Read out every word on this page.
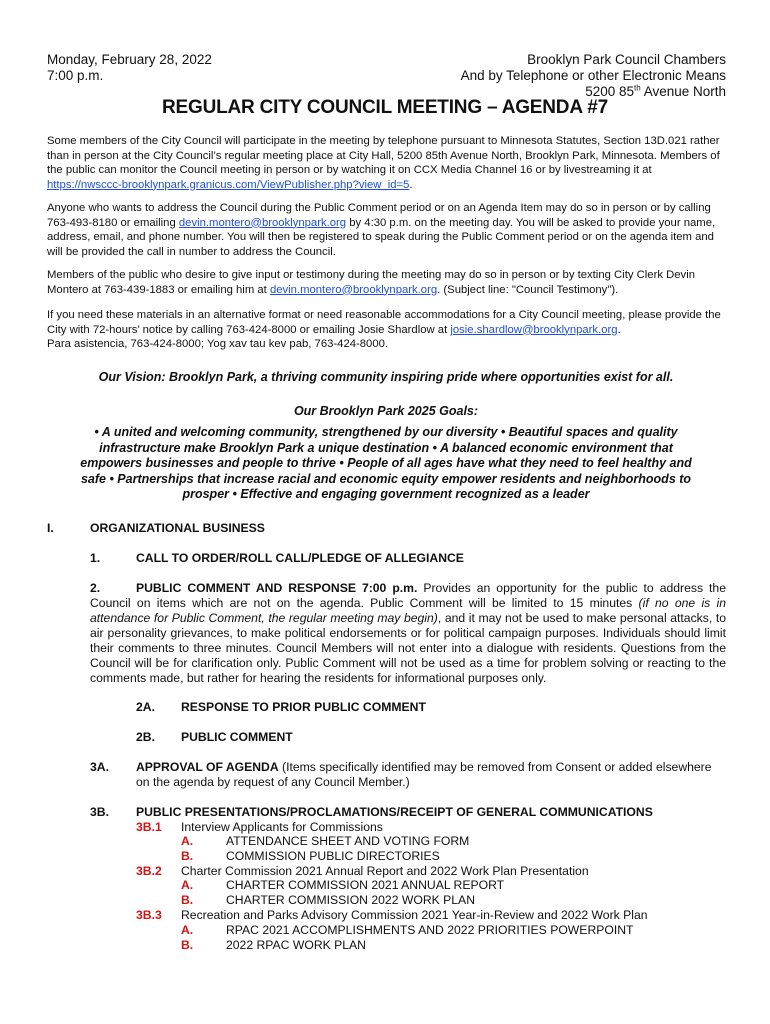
Monday, February 28, 2022
7:00 p.m.
Brooklyn Park Council Chambers
And by Telephone or other Electronic Means
5200 85th Avenue North
REGULAR CITY COUNCIL MEETING – AGENDA #7
Some members of the City Council will participate in the meeting by telephone pursuant to Minnesota Statutes, Section 13D.021 rather than in person at the City Council’s regular meeting place at City Hall, 5200 85th Avenue North, Brooklyn Park, Minnesota. Members of the public can monitor the Council meeting in person or by watching it on CCX Media Channel 16 or by livestreaming it at https://nwsccc-brooklynpark.granicus.com/ViewPublisher.php?view_id=5.
Anyone who wants to address the Council during the Public Comment period or on an Agenda Item may do so in person or by calling 763-493-8180 or emailing devin.montero@brooklynpark.org by 4:30 p.m. on the meeting day. You will be asked to provide your name, address, email, and phone number. You will then be registered to speak during the Public Comment period or on the agenda item and will be provided the call in number to address the Council.
Members of the public who desire to give input or testimony during the meeting may do so in person or by texting City Clerk Devin Montero at 763-439-1883 or emailing him at devin.montero@brooklynpark.org. (Subject line: "Council Testimony").
If you need these materials in an alternative format or need reasonable accommodations for a City Council meeting, please provide the City with 72-hours’ notice by calling 763-424-8000 or emailing Josie Shardlow at josie.shardlow@brooklynpark.org.
Para asistencia, 763-424-8000; Yog xav tau kev pab, 763-424-8000.
Our Vision: Brooklyn Park, a thriving community inspiring pride where opportunities exist for all.
Our Brooklyn Park 2025 Goals:
• A united and welcoming community, strengthened by our diversity • Beautiful spaces and quality infrastructure make Brooklyn Park a unique destination • A balanced economic environment that empowers businesses and people to thrive • People of all ages have what they need to feel healthy and safe • Partnerships that increase racial and economic equity empower residents and neighborhoods to prosper • Effective and engaging government recognized as a leader
I.	ORGANIZATIONAL BUSINESS
1.	CALL TO ORDER/ROLL CALL/PLEDGE OF ALLEGIANCE
2.	PUBLIC COMMENT AND RESPONSE 7:00 p.m. Provides an opportunity for the public to address the Council on items which are not on the agenda. Public Comment will be limited to 15 minutes (if no one is in attendance for Public Comment, the regular meeting may begin), and it may not be used to make personal attacks, to air personality grievances, to make political endorsements or for political campaign purposes. Individuals should limit their comments to three minutes. Council Members will not enter into a dialogue with residents. Questions from the Council will be for clarification only. Public Comment will not be used as a time for problem solving or reacting to the comments made, but rather for hearing the residents for informational purposes only.
2A. RESPONSE TO PRIOR PUBLIC COMMENT
2B. PUBLIC COMMENT
3A. APPROVAL OF AGENDA (Items specifically identified may be removed from Consent or added elsewhere on the agenda by request of any Council Member.)
3B. PUBLIC PRESENTATIONS/PROCLAMATIONS/RECEIPT OF GENERAL COMMUNICATIONS
3B.1 Interview Applicants for Commissions
A.	ATTENDANCE SHEET AND VOTING FORM
B.	COMMISSION PUBLIC DIRECTORIES
3B.2 Charter Commission 2021 Annual Report and 2022 Work Plan Presentation
A.	CHARTER COMMISSION 2021 ANNUAL REPORT
B.	CHARTER COMMISSION 2022 WORK PLAN
3B.3 Recreation and Parks Advisory Commission 2021 Year-in-Review and 2022 Work Plan
A.	RPAC 2021 ACCOMPLISHMENTS AND 2022 PRIORITIES POWERPOINT
B.	2022 RPAC WORK PLAN
